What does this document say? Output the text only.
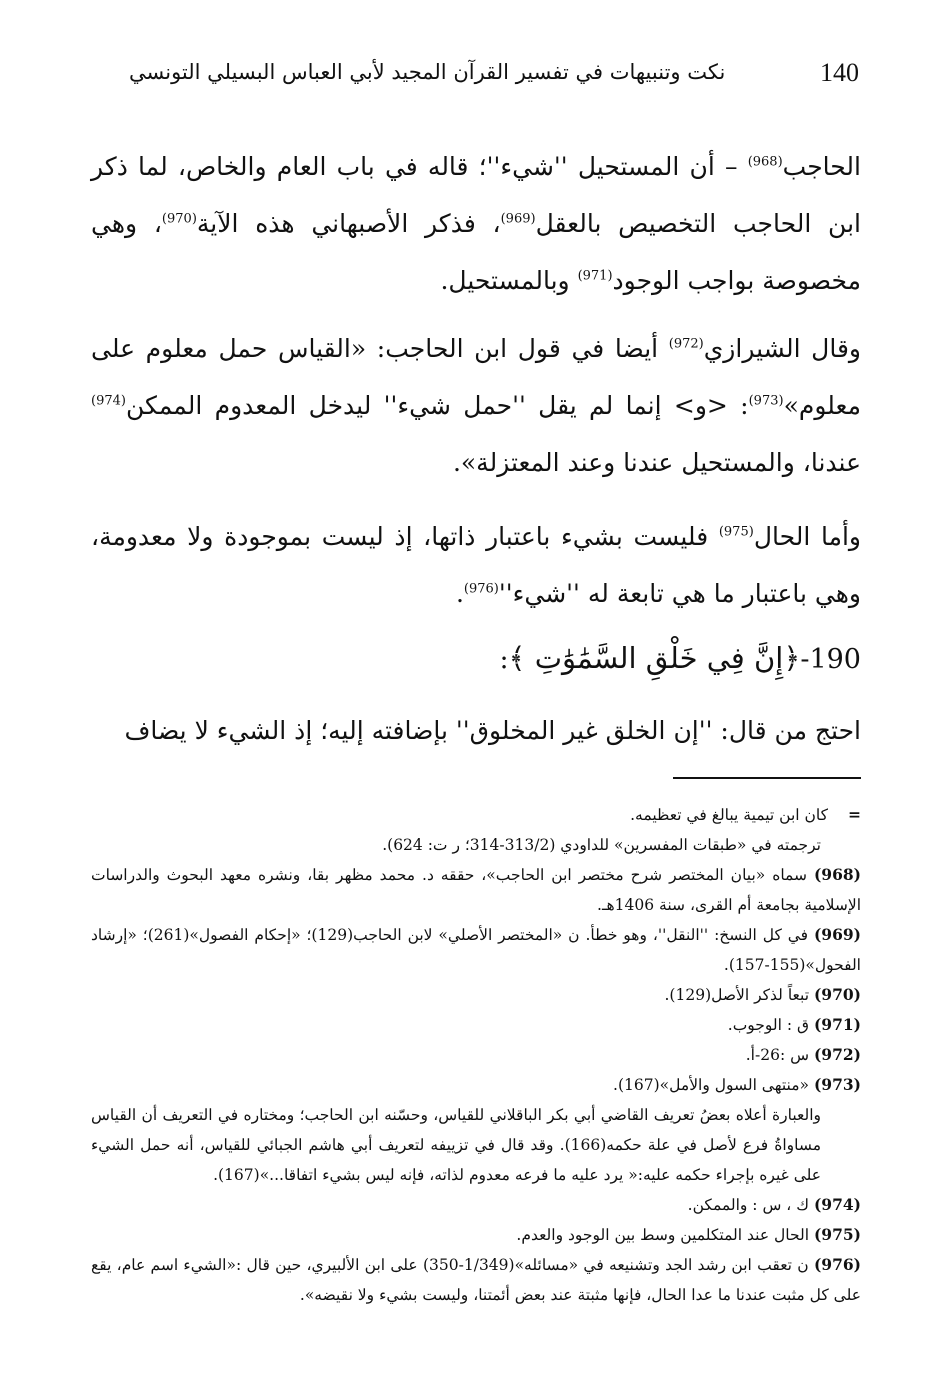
140
نكت وتنبيهات في تفسير القرآن المجيد لأبي العباس البسيلي التونسي
الحاجب$^{(968)}$ – أن المستحيل ''شيء''؛ قاله في باب العام والخاص، لما ذكر ابن الحاجب التخصيص بالعقل$^{(969)}$، فذكر الأصبهاني هذه الآية$^{(970)}$، وهي مخصوصة بواجب الوجود$^{(971)}$ وبالمستحيل.
وقال الشيرازي$^{(972)}$ أيضا في قول ابن الحاجب: «القياس حمل معلوم على معلوم»$^{(973)}$: <و> إنما لم يقل ''حمل شيء'' ليدخل المعدوم الممكن$^{(974)}$ عندنا، والمستحيل عندنا وعند المعتزلة».
وأما الحال$^{(975)}$ فليست بشيء باعتبار ذاتها، إذ ليست بموجودة ولا معدومة، وهي باعتبار ما هي تابعة له ''شيء''$^{(976)}$.
190-﴿إِنَّ فِي خَلْقِ السَّمَٰوَٰتِ ﴾:
احتج من قال: ''إن الخلق غير المخلوق'' بإضافته إليه؛ إذ الشيء لا يضاف

=كان ابن تيمية يبالغ في تعظيمه.

ترجمته في «طبقات المفسرين» للداودي (313/2-314؛ ر ت: 624).

(968) سماه «بيان المختصر شرح مختصر ابن الحاجب»، حققه د. محمد مظهر بقا، ونشره معهد البحوث والدراسات الإسلامية بجامعة أم القرى، سنة 1406هـ.

(969) في كل النسخ: ''النقل''، وهو خطأ. ن «المختصر الأصلي» لابن الحاجب(129)؛ «إحكام الفصول»(261)؛ «إرشاد الفحول»(155-157).

(970) تبعاً لذكر الأصل(129).

(971) ق : الوجوب.

(972) س :26-أ.

(973) «منتهى السول والأمل»(167).

والعبارة أعلاه بعضُ تعريف القاضي أبي بكر الباقلاني للقياس، وحسّنه ابن الحاجب؛ ومختاره في التعريف أن القياس مساواةُ فرع لأصل في علة حكمه(166). وقد قال في تزييفه لتعريف أبي هاشم الجبائي للقياس، أنه حمل الشيء على غيره بإجراء حكمه عليه:« يرد عليه ما فرعه معدوم لذاته، فإنه ليس بشيء اتفاقا...»(167).

(974) ك ، س : والممكن.

(975) الحال عند المتكلمين وسط بين الوجود والعدم.

(976) ن تعقب ابن رشد الجد وتشنيعه في «مسائله»(1/349-350) على ابن الألبيري، حين قال :«الشيء اسم عام، يقع على كل مثبت عندنا ما عدا الحال، فإنها مثبتة عند بعض أئمتنا، وليست بشيء ولا نقيضه».
